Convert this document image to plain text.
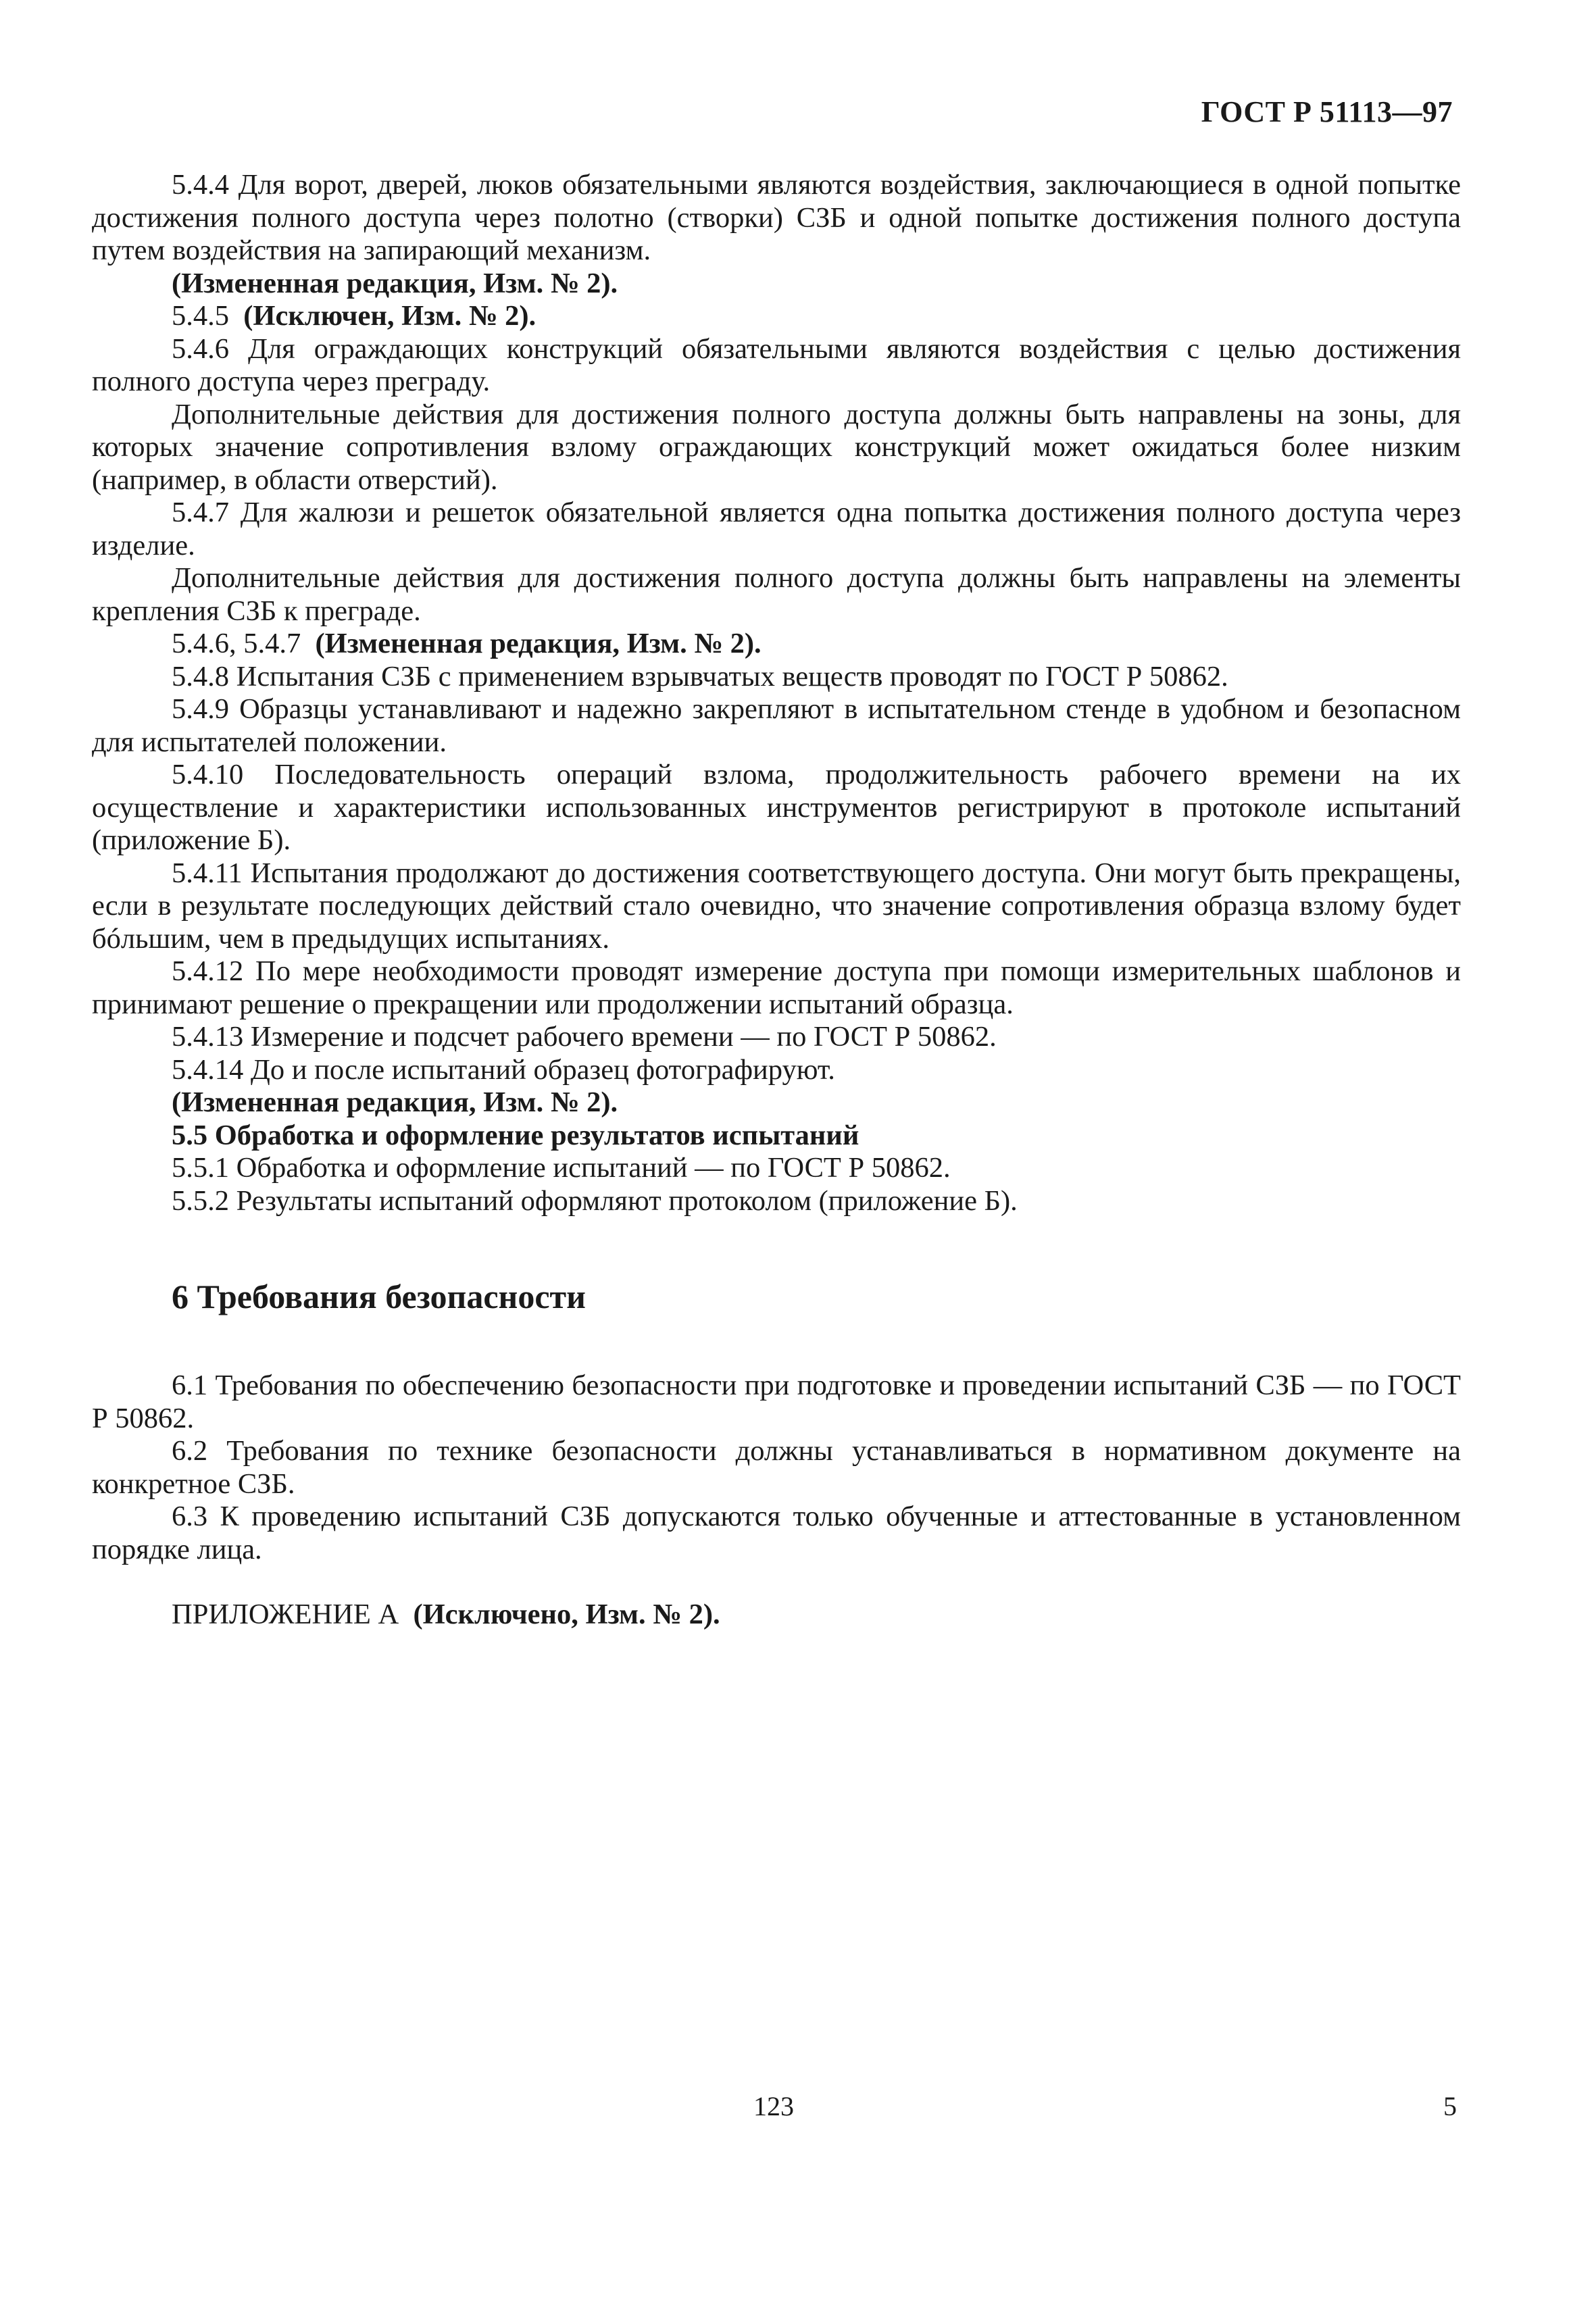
ГОСТ Р 51113—97

5.4.4 Для ворот, дверей, люков обязательными являются воздействия, заключающиеся в одной попытке достижения полного доступа через полотно (створки) СЗБ и одной попытке достижения полного доступа путем воздействия на запирающий механизм.

(Измененная редакция, Изм. № 2).

5.4.5 (Исключен, Изм. № 2).

5.4.6 Для ограждающих конструкций обязательными являются воздействия с целью достижения полного доступа через преграду.

Дополнительные действия для достижения полного доступа должны быть направлены на зоны, для которых значение сопротивления взлому ограждающих конструкций может ожидаться более низким (например, в области отверстий).

5.4.7 Для жалюзи и решеток обязательной является одна попытка достижения полного доступа через изделие.

Дополнительные действия для достижения полного доступа должны быть направлены на элементы крепления СЗБ к преграде.

5.4.6, 5.4.7 (Измененная редакция, Изм. № 2).

5.4.8 Испытания СЗБ с применением взрывчатых веществ проводят по ГОСТ Р 50862.

5.4.9 Образцы устанавливают и надежно закрепляют в испытательном стенде в удобном и безопасном для испытателей положении.

5.4.10 Последовательность операций взлома, продолжительность рабочего времени на их осуществление и характеристики использованных инструментов регистрируют в протоколе испытаний (приложение Б).

5.4.11 Испытания продолжают до достижения соответствующего доступа. Они могут быть прекращены, если в результате последующих действий стало очевидно, что значение сопротивления образца взлому будет бóльшим, чем в предыдущих испытаниях.

5.4.12 По мере необходимости проводят измерение доступа при помощи измерительных шаблонов и принимают решение о прекращении или продолжении испытаний образца.

5.4.13 Измерение и подсчет рабочего времени — по ГОСТ Р 50862.

5.4.14 До и после испытаний образец фотографируют.

(Измененная редакция, Изм. № 2).

5.5 Обработка и оформление результатов испытаний

5.5.1 Обработка и оформление испытаний — по ГОСТ Р 50862.

5.5.2 Результаты испытаний оформляют протоколом (приложение Б).

6 Требования безопасности

6.1 Требования по обеспечению безопасности при подготовке и проведении испытаний СЗБ — по ГОСТ Р 50862.

6.2 Требования по технике безопасности должны устанавливаться в нормативном документе на конкретное СЗБ.

6.3 К проведению испытаний СЗБ допускаются только обученные и аттестованные в установленном порядке лица.

ПРИЛОЖЕНИЕ А (Исключено, Изм. № 2).

123	5
